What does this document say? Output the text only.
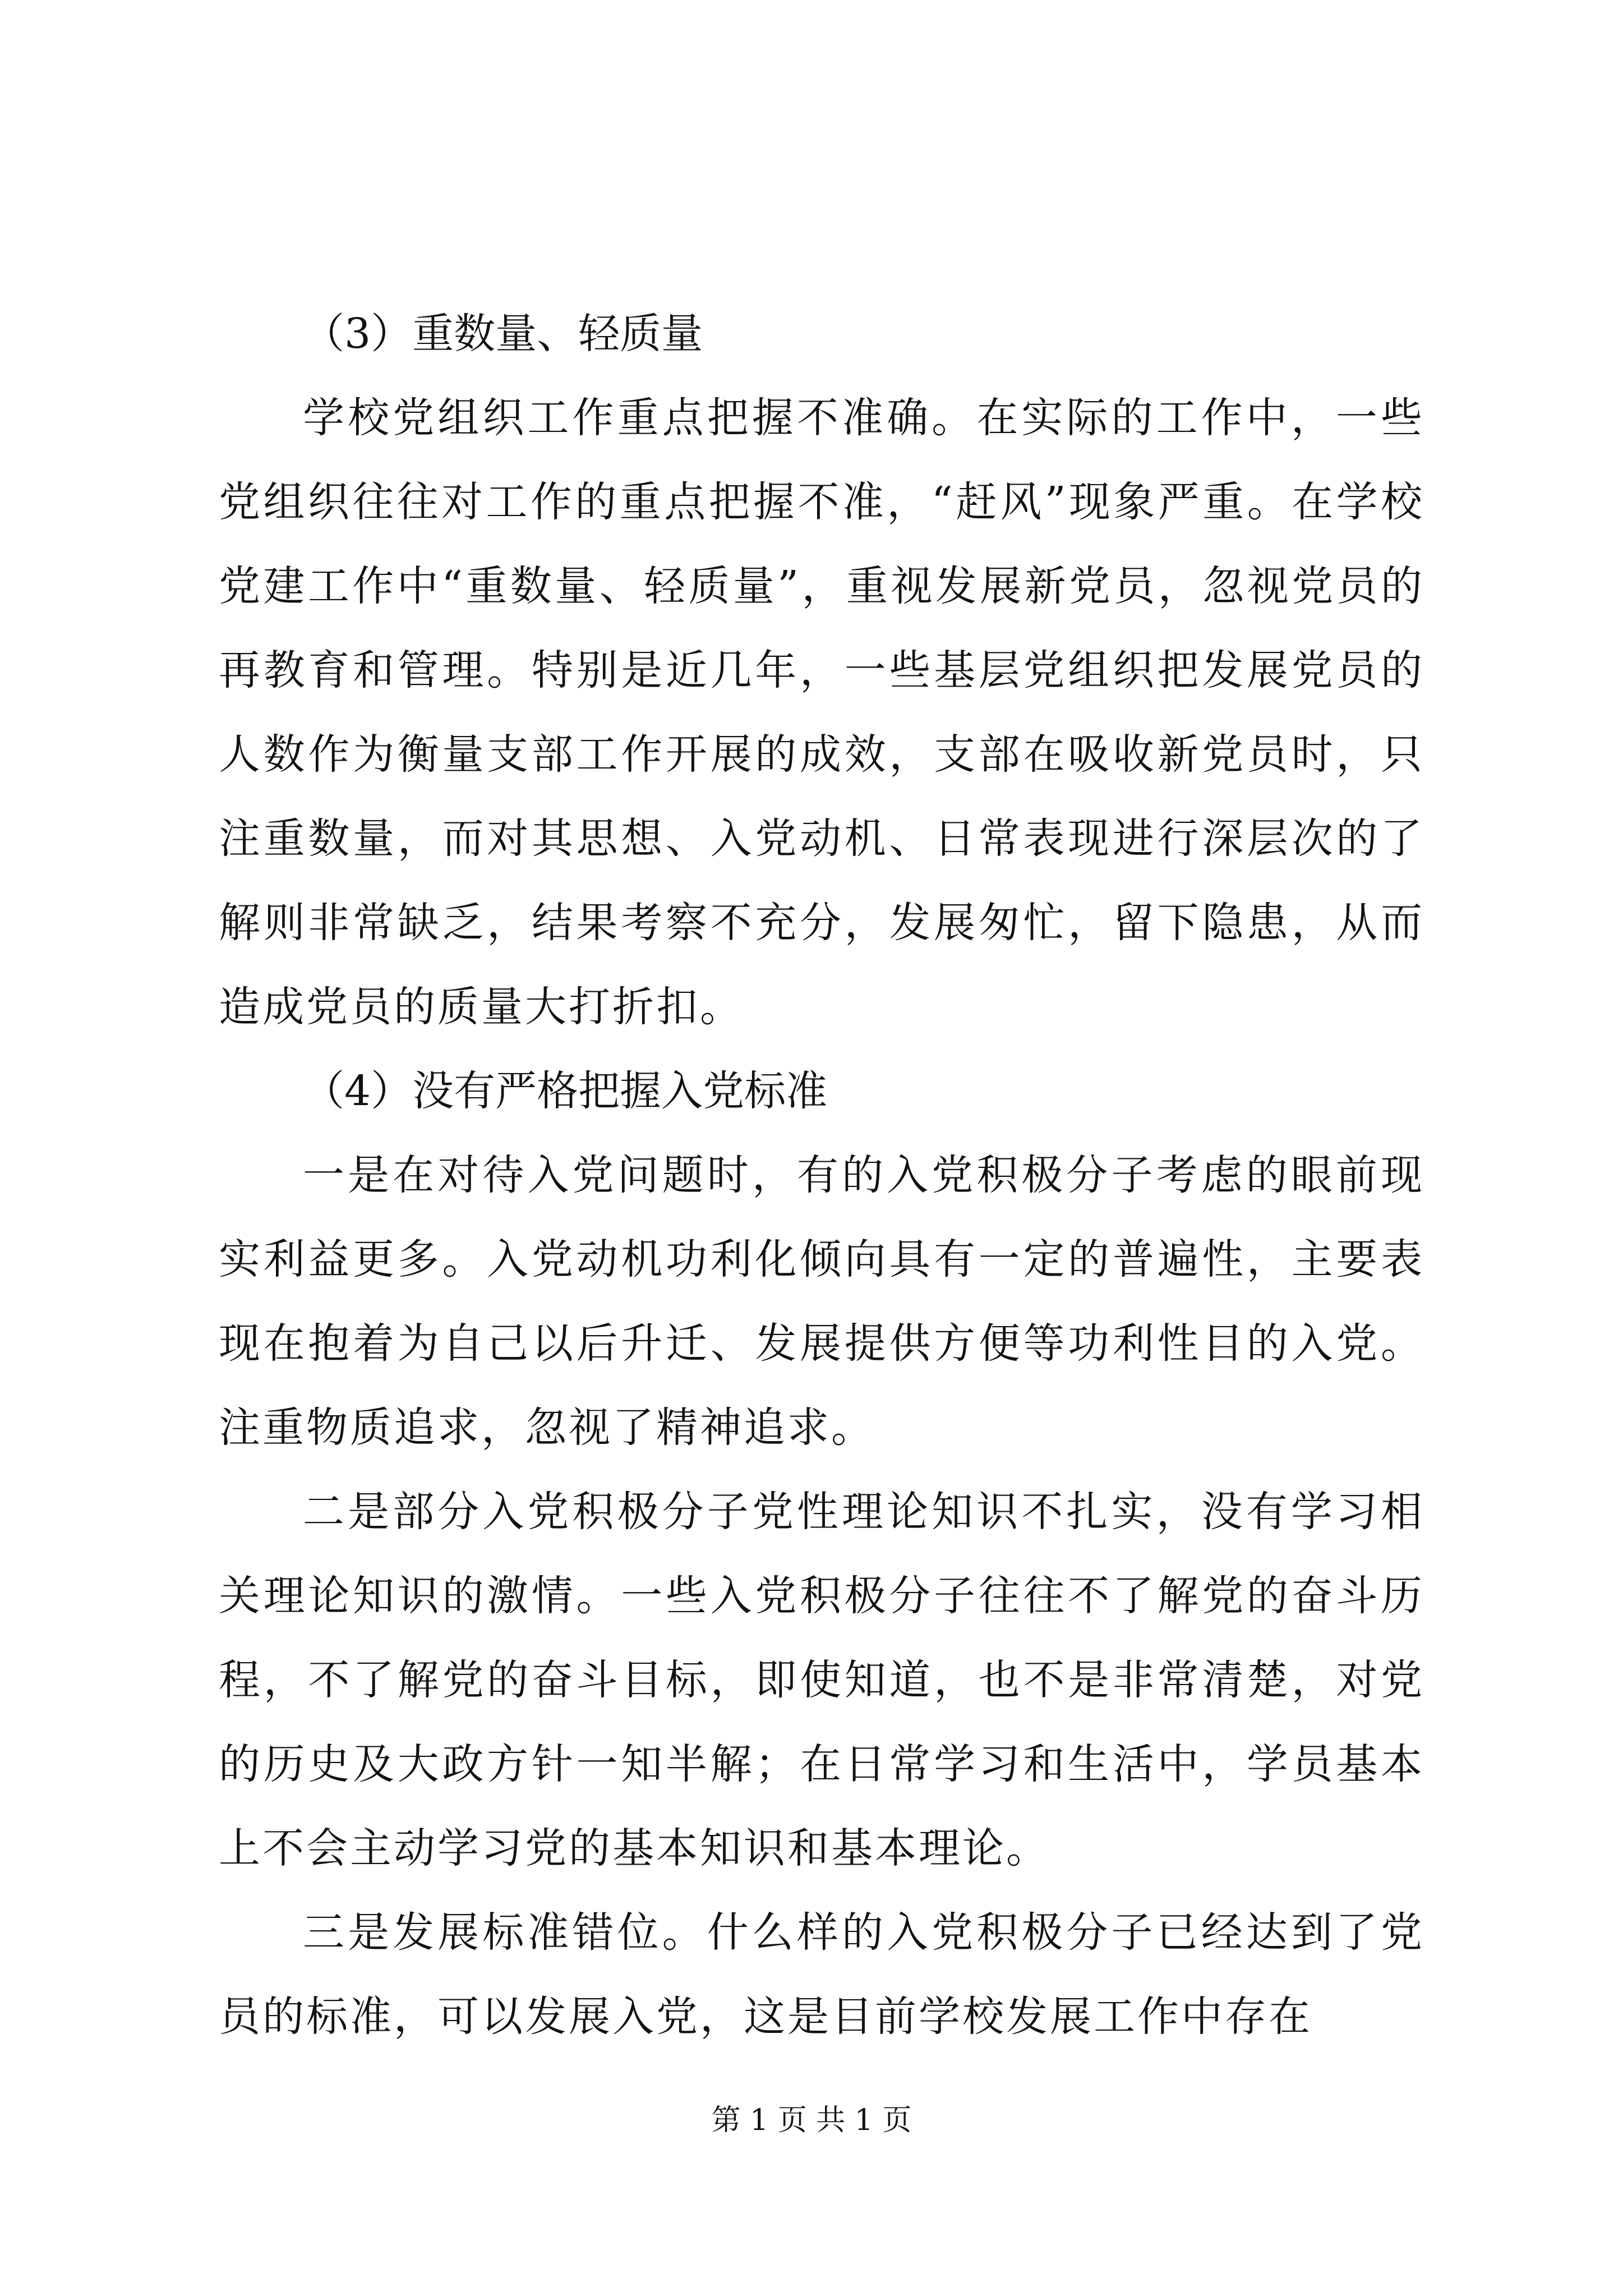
（3）重数量、轻质量

学校党组织工作重点把握不准确。在实际的工作中，一些党组织往往对工作的重点把握不准，“赶风”现象严重。在学校党建工作中“重数量、轻质量”，重视发展新党员，忽视党员的再教育和管理。特别是近几年，一些基层党组织把发展党员的人数作为衡量支部工作开展的成效，支部在吸收新党员时，只注重数量，而对其思想、入党动机、日常表现进行深层次的了解则非常缺乏，结果考察不充分，发展匆忙，留下隐患，从而造成党员的质量大打折扣。

（4）没有严格把握入党标准

一是在对待入党问题时，有的入党积极分子考虑的眼前现实利益更多。入党动机功利化倾向具有一定的普遍性，主要表现在抱着为自己以后升迁、发展提供方便等功利性目的入党。注重物质追求，忽视了精神追求。

二是部分入党积极分子党性理论知识不扎实，没有学习相关理论知识的激情。一些入党积极分子往往不了解党的奋斗历程，不了解党的奋斗目标，即使知道，也不是非常清楚，对党的历史及大政方针一知半解；在日常学习和生活中，学员基本上不会主动学习党的基本知识和基本理论。

三是发展标准错位。什么样的入党积极分子已经达到了党员的标准，可以发展入党，这是目前学校发展工作中存在

第 1 页 共 1 页
